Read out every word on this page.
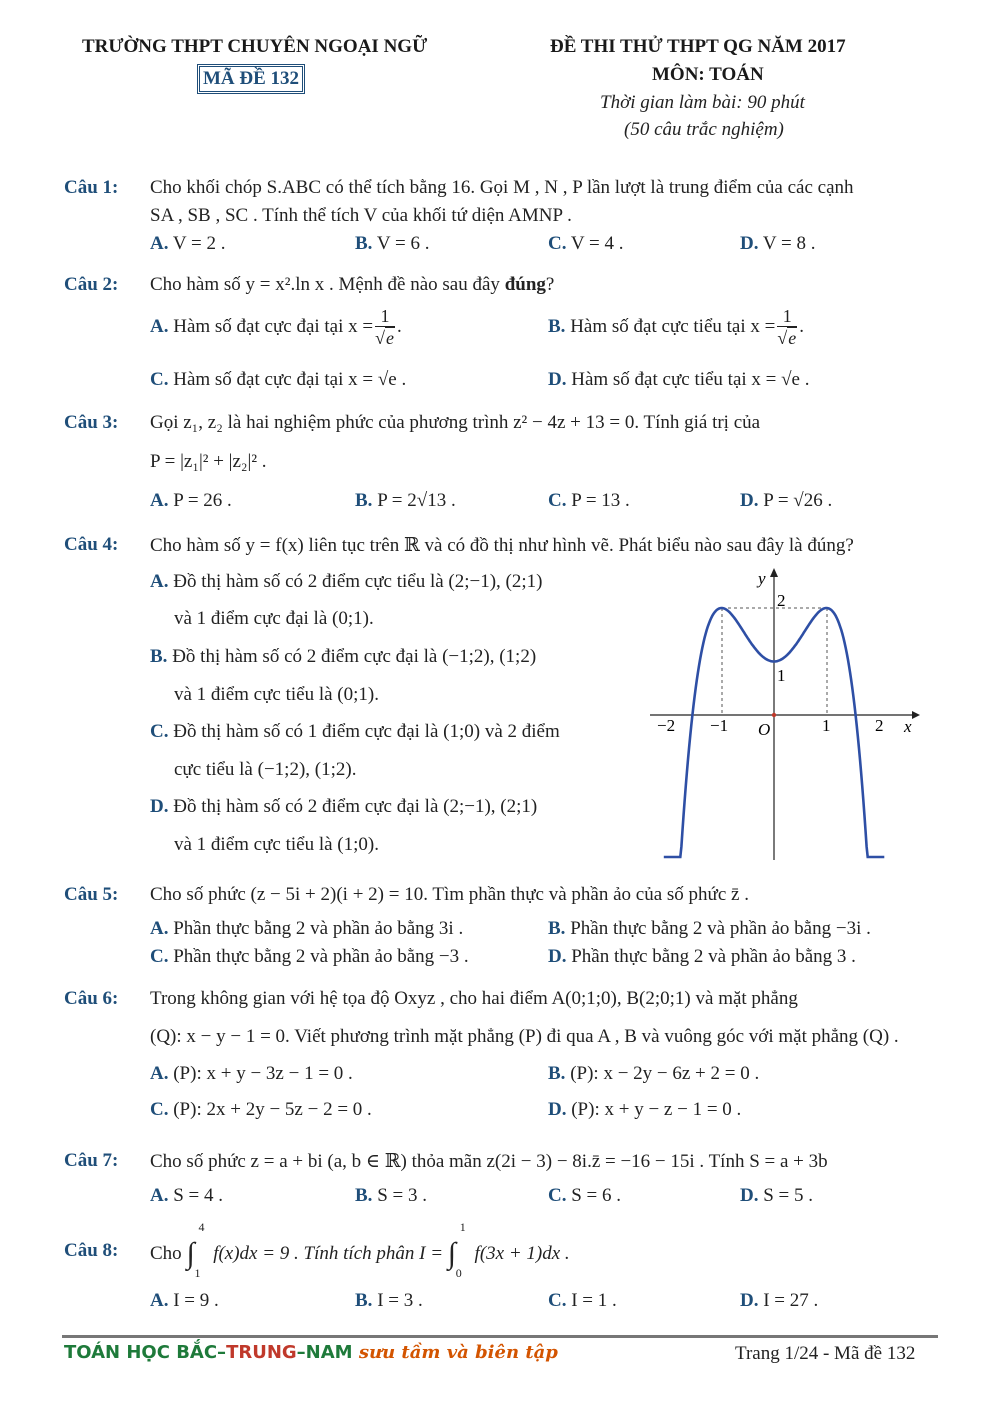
TRƯỜNG THPT CHUYÊN NGOẠI NGỮ
MÃ ĐỀ 132
ĐỀ THI THỬ THPT QG NĂM 2017
MÔN: TOÁN
Thời gian làm bài: 90 phút
(50 câu trắc nghiệm)
Câu 1: Cho khối chóp S.ABC có thể tích bằng 16. Gọi M , N , P lần lượt là trung điểm của các cạnh
SA , SB , SC . Tính thể tích V của khối tứ diện AMNP .
A. V = 2 .	B. V = 6 .	C. V = 4 .	D. V = 8 .
Câu 2: Cho hàm số y = x².ln x . Mệnh đề nào sau đây đúng?
A. Hàm số đạt cực đại tại $x = \frac{1}{√e}$ .	B. Hàm số đạt cực tiểu tại $x = \frac{1}{√e}$ .
C. Hàm số đạt cực đại tại x = √e .	D. Hàm số đạt cực tiểu tại x = √e .
Câu 3: Gọi z₁, z₂ là hai nghiệm phức của phương trình z² − 4z + 13 = 0. Tính giá trị của
P = |z₁|² + |z₂|² .
A. P = 26 .	B. P = 2√13 .	C. P = 13 .	D. P = √26 .
Câu 4: Cho hàm số y = f(x) liên tục trên ℝ và có đồ thị như hình vẽ. Phát biểu nào sau đây là đúng?
A. Đồ thị hàm số có 2 điểm cực tiểu là (2;−1), (2;1)
và 1 điểm cực đại là (0;1).
B. Đồ thị hàm số có 2 điểm cực đại là (−1;2), (1;2)
và 1 điểm cực tiểu là (0;1).
C. Đồ thị hàm số có 1 điểm cực đại là (1;0) và 2 điểm
cực tiểu là (−1;2), (1;2).
D. Đồ thị hàm số có 2 điểm cực đại là (2;−1), (2;1)
và 1 điểm cực tiểu là (1;0).
y
x
O
−2 −1	1	2
2
1
Câu 5: Cho số phức (z − 5i + 2)(i + 2) = 10. Tìm phần thực và phần ảo của số phức z̄ .
A. Phần thực bằng 2 và phần ảo bằng 3i .	B. Phần thực bằng 2 và phần ảo bằng −3i .
C. Phần thực bằng 2 và phần ảo bằng −3 .	D. Phần thực bằng 2 và phần ảo bằng 3 .
Câu 6: Trong không gian với hệ tọa độ Oxyz , cho hai điểm A(0;1;0), B(2;0;1) và mặt phẳng
(Q): x − y − 1 = 0. Viết phương trình mặt phẳng (P) đi qua A , B và vuông góc với mặt phẳng (Q) .
A. (P): x + y − 3z − 1 = 0 .	B. (P): x − 2y − 6z + 2 = 0 .
C. (P): 2x + 2y − 5z − 2 = 0 .	D. (P): x + y − z − 1 = 0 .
Câu 7: Cho số phức z = a + bi (a, b ∈ ℝ) thỏa mãn z(2i − 3) − 8i.z̄ = −16 − 15i . Tính S = a + 3b
A. S = 4 .	B. S = 3 .	C. S = 6 .	D. S = 5 .
Câu 8: Cho ∫
4
1
f(x)dx = 9 . Tính tích phân I = ∫
1
0
f(3x + 1)dx .
A. I = 9 .	B. I = 3 .	C. I = 1 .	D. I = 27 .
TOÁN HỌC BẮC–TRUNG–NAM sưu tầm và biên tập	Trang 1/24 - Mã đề 132
